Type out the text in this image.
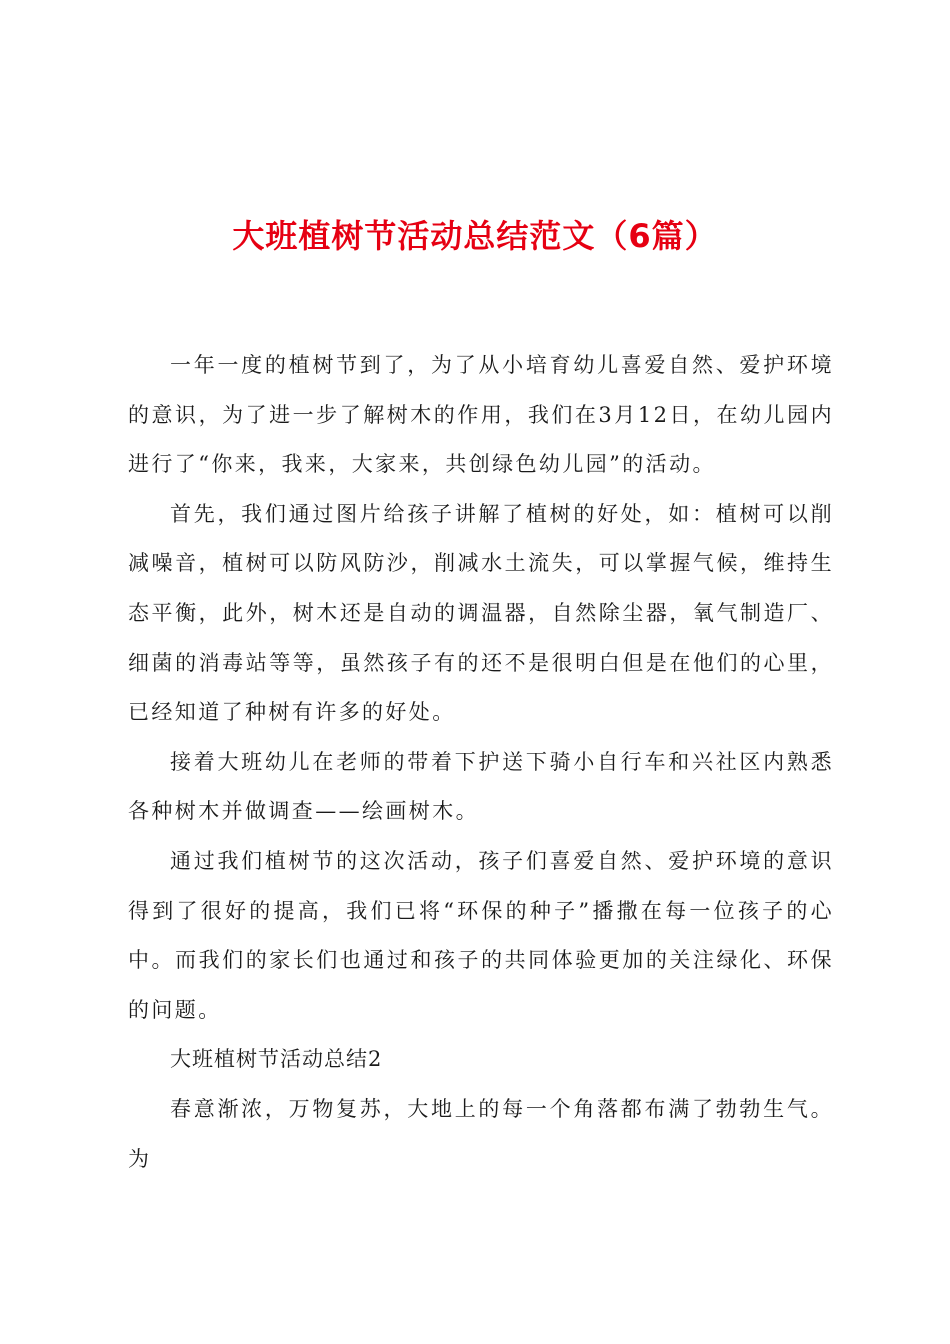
大班植树节活动总结范文（6篇）

一年一度的植树节到了，为了从小培育幼儿喜爱自然、爱护环境的意识，为了进一步了解树木的作用，我们在3月12日，在幼儿园内进行了“你来，我来，大家来，共创绿色幼儿园”的活动。

首先，我们通过图片给孩子讲解了植树的好处，如：植树可以削减噪音，植树可以防风防沙，削减水土流失，可以掌握气候，维持生态平衡，此外，树木还是自动的调温器，自然除尘器，氧气制造厂、细菌的消毒站等等，虽然孩子有的还不是很明白但是在他们的心里，已经知道了种树有许多的好处。

接着大班幼儿在老师的带着下护送下骑小自行车和兴社区内熟悉各种树木并做调查——绘画树木。

通过我们植树节的这次活动，孩子们喜爱自然、爱护环境的意识得到了很好的提高，我们已将“环保的种子”播撒在每一位孩子的心中。而我们的家长们也通过和孩子的共同体验更加的关注绿化、环保的问题。

大班植树节活动总结2

春意渐浓，万物复苏，大地上的每一个角落都布满了勃勃生气。为
